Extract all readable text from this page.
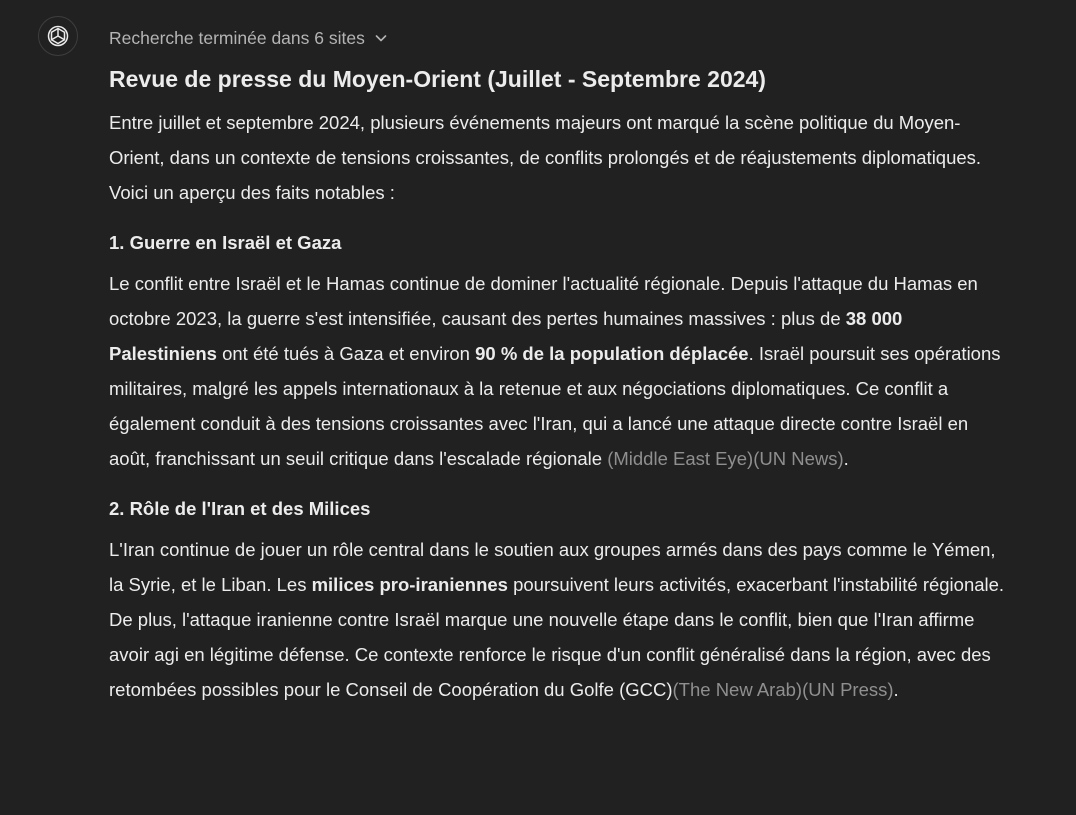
Recherche terminée dans 6 sites
Revue de presse du Moyen-Orient (Juillet - Septembre 2024)

Entre juillet et septembre 2024, plusieurs événements majeurs ont marqué la scène politique du Moyen-Orient, dans un contexte de tensions croissantes, de conflits prolongés et de réajustements diplomatiques. Voici un aperçu des faits notables :

1. Guerre en Israël et Gaza

Le conflit entre Israël et le Hamas continue de dominer l'actualité régionale. Depuis l'attaque du Hamas en octobre 2023, la guerre s'est intensifiée, causant des pertes humaines massives : plus de 38 000 Palestiniens ont été tués à Gaza et environ 90 % de la population déplacée. Israël poursuit ses opérations militaires, malgré les appels internationaux à la retenue et aux négociations diplomatiques. Ce conflit a également conduit à des tensions croissantes avec l'Iran, qui a lancé une attaque directe contre Israël en août, franchissant un seuil critique dans l'escalade régionale (Middle East Eye)(UN News).

2. Rôle de l'Iran et des Milices

L'Iran continue de jouer un rôle central dans le soutien aux groupes armés dans des pays comme le Yémen, la Syrie, et le Liban. Les milices pro-iraniennes poursuivent leurs activités, exacerbant l'instabilité régionale. De plus, l'attaque iranienne contre Israël marque une nouvelle étape dans le conflit, bien que l'Iran affirme avoir agi en légitime défense. Ce contexte renforce le risque d'un conflit généralisé dans la région, avec des retombées possibles pour le Conseil de Coopération du Golfe (GCC)(The New Arab)(UN Press).
